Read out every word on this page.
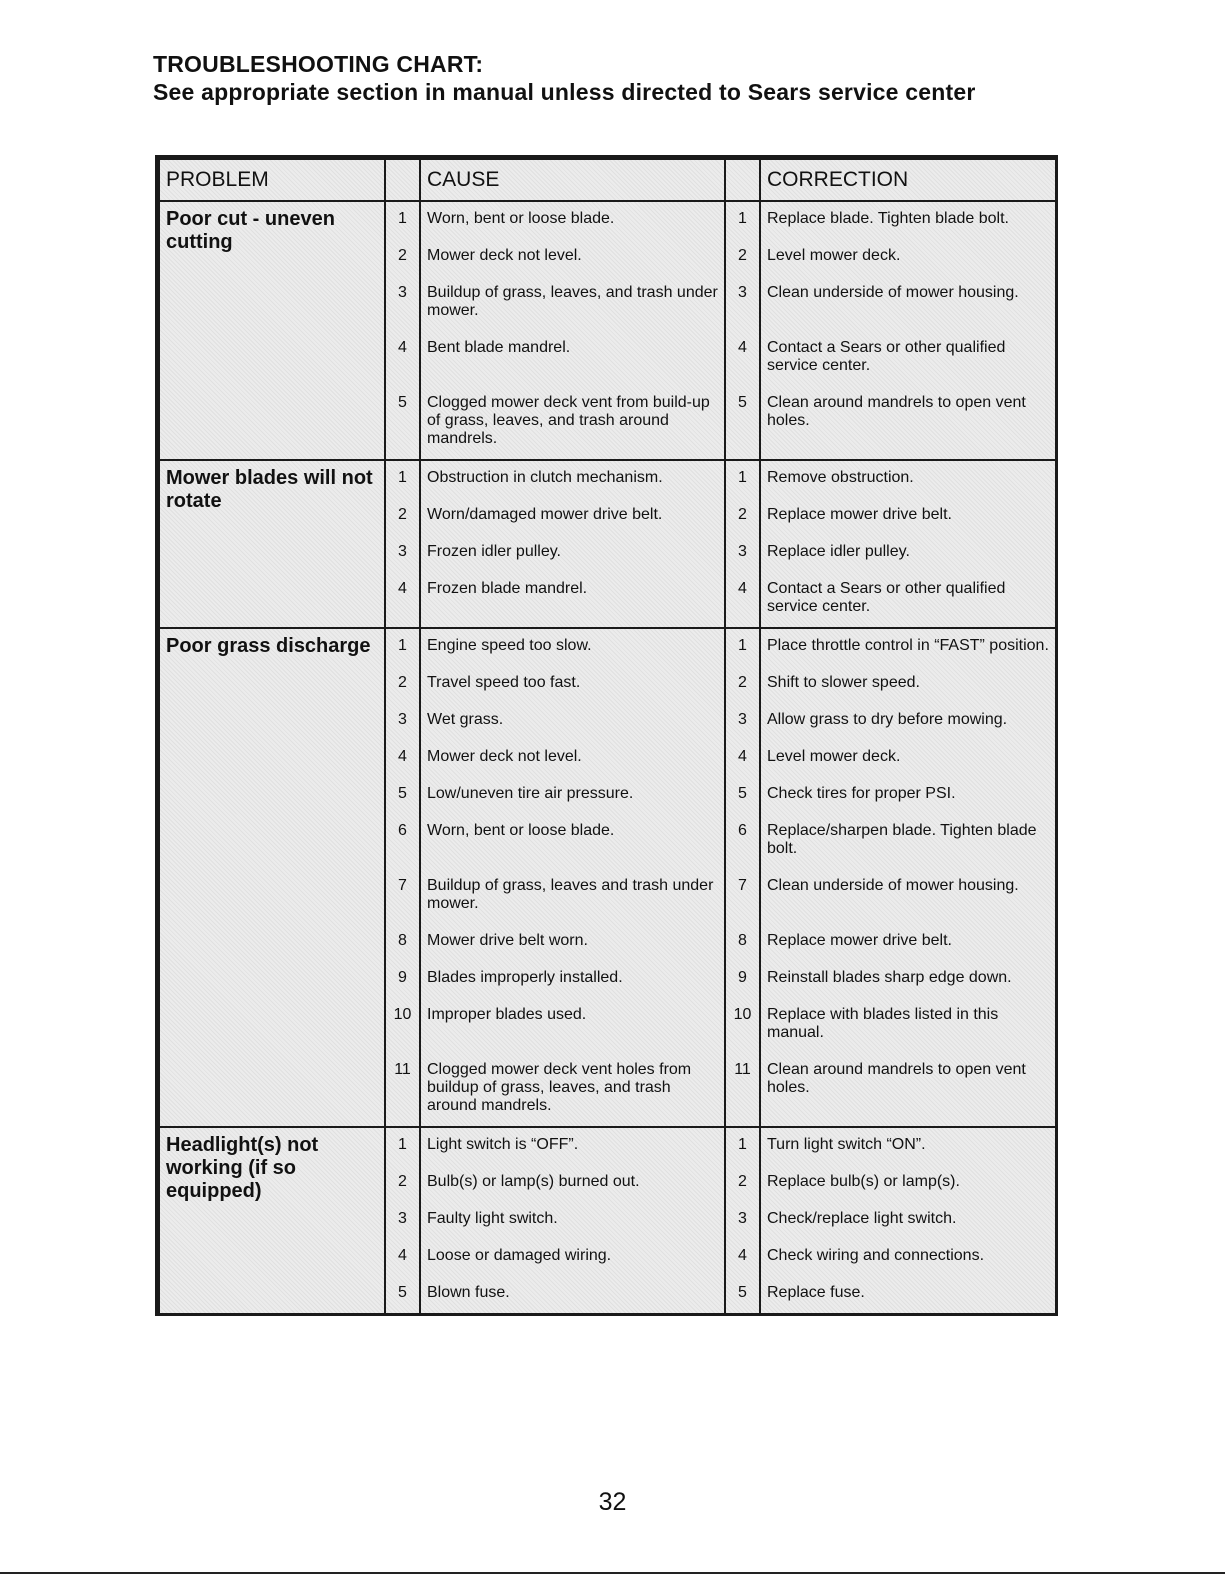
TROUBLESHOOTING CHART:
See appropriate section in manual unless directed to Sears service center
PROBLEM		CAUSE		CORRECTION
Poor cut - uneven cutting	1	Worn, bent or loose blade.	1	Replace blade. Tighten blade bolt.
	2	Mower deck not level.	2	Level mower deck.
	3	Buildup of grass, leaves, and trash under mower.	3	Clean underside of mower housing.
	4	Bent blade mandrel.	4	Contact a Sears or other qualified service center.
	5	Clogged mower deck vent from build-up of grass, leaves, and trash around mandrels.	5	Clean around mandrels to open vent holes.
Mower blades will not rotate	1	Obstruction in clutch mechanism.	1	Remove obstruction.
	2	Worn/damaged mower drive belt.	2	Replace mower drive belt.
	3	Frozen idler pulley.	3	Replace idler pulley.
	4	Frozen blade mandrel.	4	Contact a Sears or other qualified service center.
Poor grass discharge	1	Engine speed too slow.	1	Place throttle control in “FAST” position.
	2	Travel speed too fast.	2	Shift to slower speed.
	3	Wet grass.	3	Allow grass to dry before mowing.
	4	Mower deck not level.	4	Level mower deck.
	5	Low/uneven tire air pressure.	5	Check tires for proper PSI.
	6	Worn, bent or loose blade.	6	Replace/sharpen blade. Tighten blade bolt.
	7	Buildup of grass, leaves and trash under mower.	7	Clean underside of mower housing.
	8	Mower drive belt worn.	8	Replace mower drive belt.
	9	Blades improperly installed.	9	Reinstall blades sharp edge down.
	10	Improper blades used.	10	Replace with blades listed in this manual.
	11	Clogged mower deck vent holes from buildup of grass, leaves, and trash around mandrels.	11	Clean around mandrels to open vent holes.
Headlight(s) not working (if so equipped)	1	Light switch is “OFF”.	1	Turn light switch “ON”.
	2	Bulb(s) or lamp(s) burned out.	2	Replace bulb(s) or lamp(s).
	3	Faulty light switch.	3	Check/replace light switch.
	4	Loose or damaged wiring.	4	Check wiring and connections.
	5	Blown fuse.	5	Replace fuse.
32
